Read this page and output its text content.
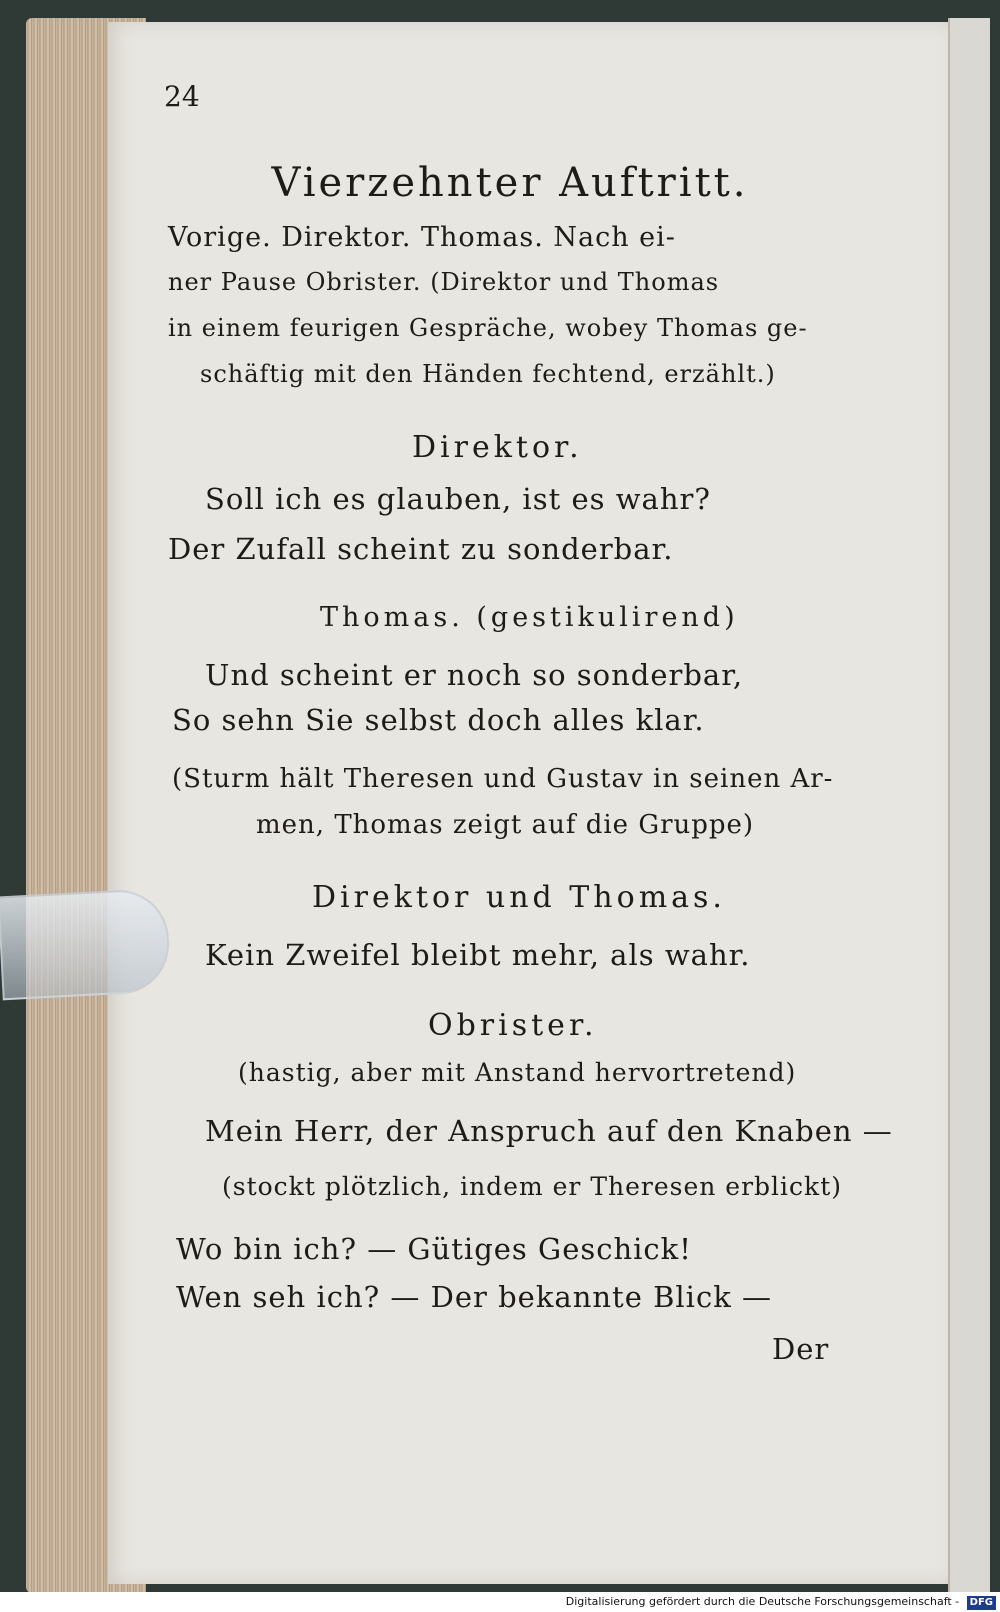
24
Vierzehnter Auftritt.
Vorige. Direktor. Thomas. Nach ei-
ner Pause Obrister. (Direktor und Thomas
in einem feurigen Gespräche, wobey Thomas ge-
schäftig mit den Händen fechtend, erzählt.)
Direktor.
Soll ich es glauben, ist es wahr?
Der Zufall scheint zu sonderbar.
Thomas. (gestikulirend)
Und scheint er noch so sonderbar,
So sehn Sie selbst doch alles klar.
(Sturm hält Theresen und Gustav in seinen Ar-
men, Thomas zeigt auf die Gruppe)
Direktor und Thomas.
Kein Zweifel bleibt mehr, als wahr.
Obrister.
(hastig, aber mit Anstand hervortretend)
Mein Herr, der Anspruch auf den Knaben —
(stockt plötzlich, indem er Theresen erblickt)
Wo bin ich? — Gütiges Geschick!
Wen seh ich? — Der bekannte Blick —
Der
Digitalisierung gefördert durch die Deutsche Forschungsgemeinschaft - DFG
